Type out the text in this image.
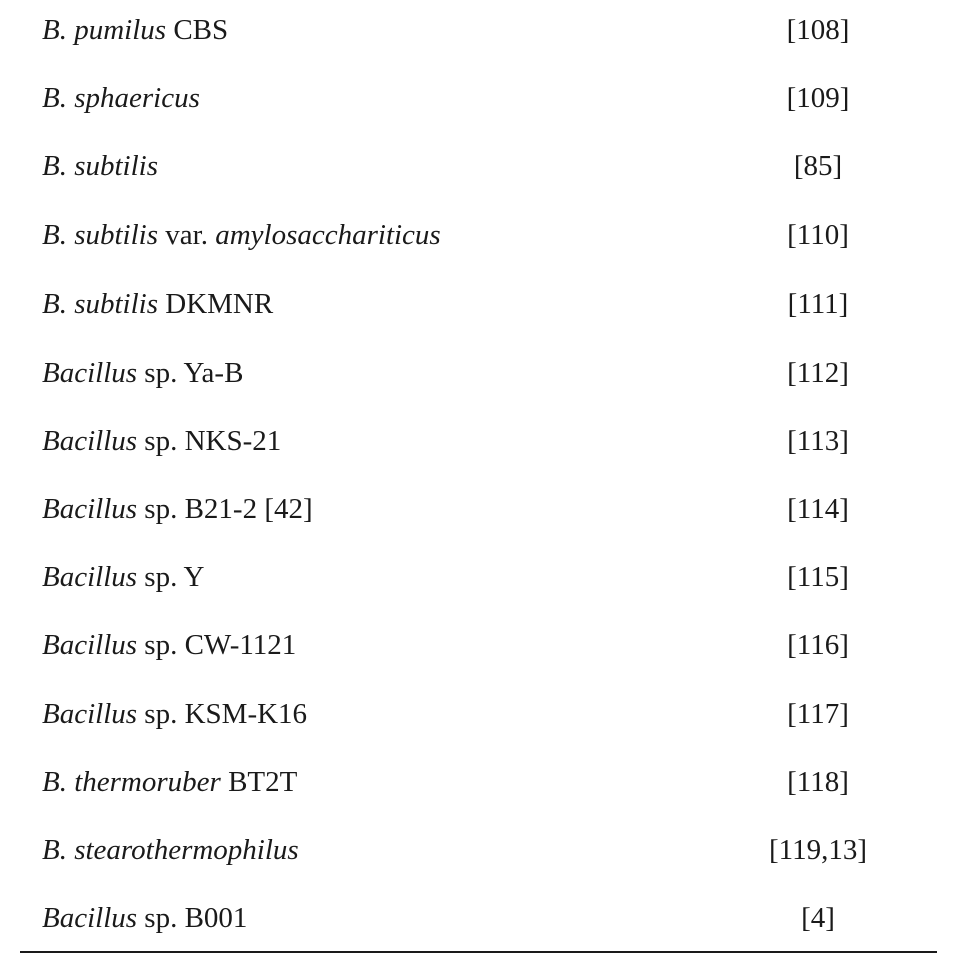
B. pumilus CBS	[108]
B. sphaericus	[109]
B. subtilis	[85]
B. subtilis var. amylosacchariticus	[110]
B. subtilis DKMNR	[111]
Bacillus sp. Ya-B	[112]
Bacillus sp. NKS-21	[113]
Bacillus sp. B21-2 [42]	[114]
Bacillus sp. Y	[115]
Bacillus sp. CW-1121	[116]
Bacillus sp. KSM-K16	[117]
B. thermoruber BT2T	[118]
B. stearothermophilus	[119,13]
Bacillus sp. B001	[4]
